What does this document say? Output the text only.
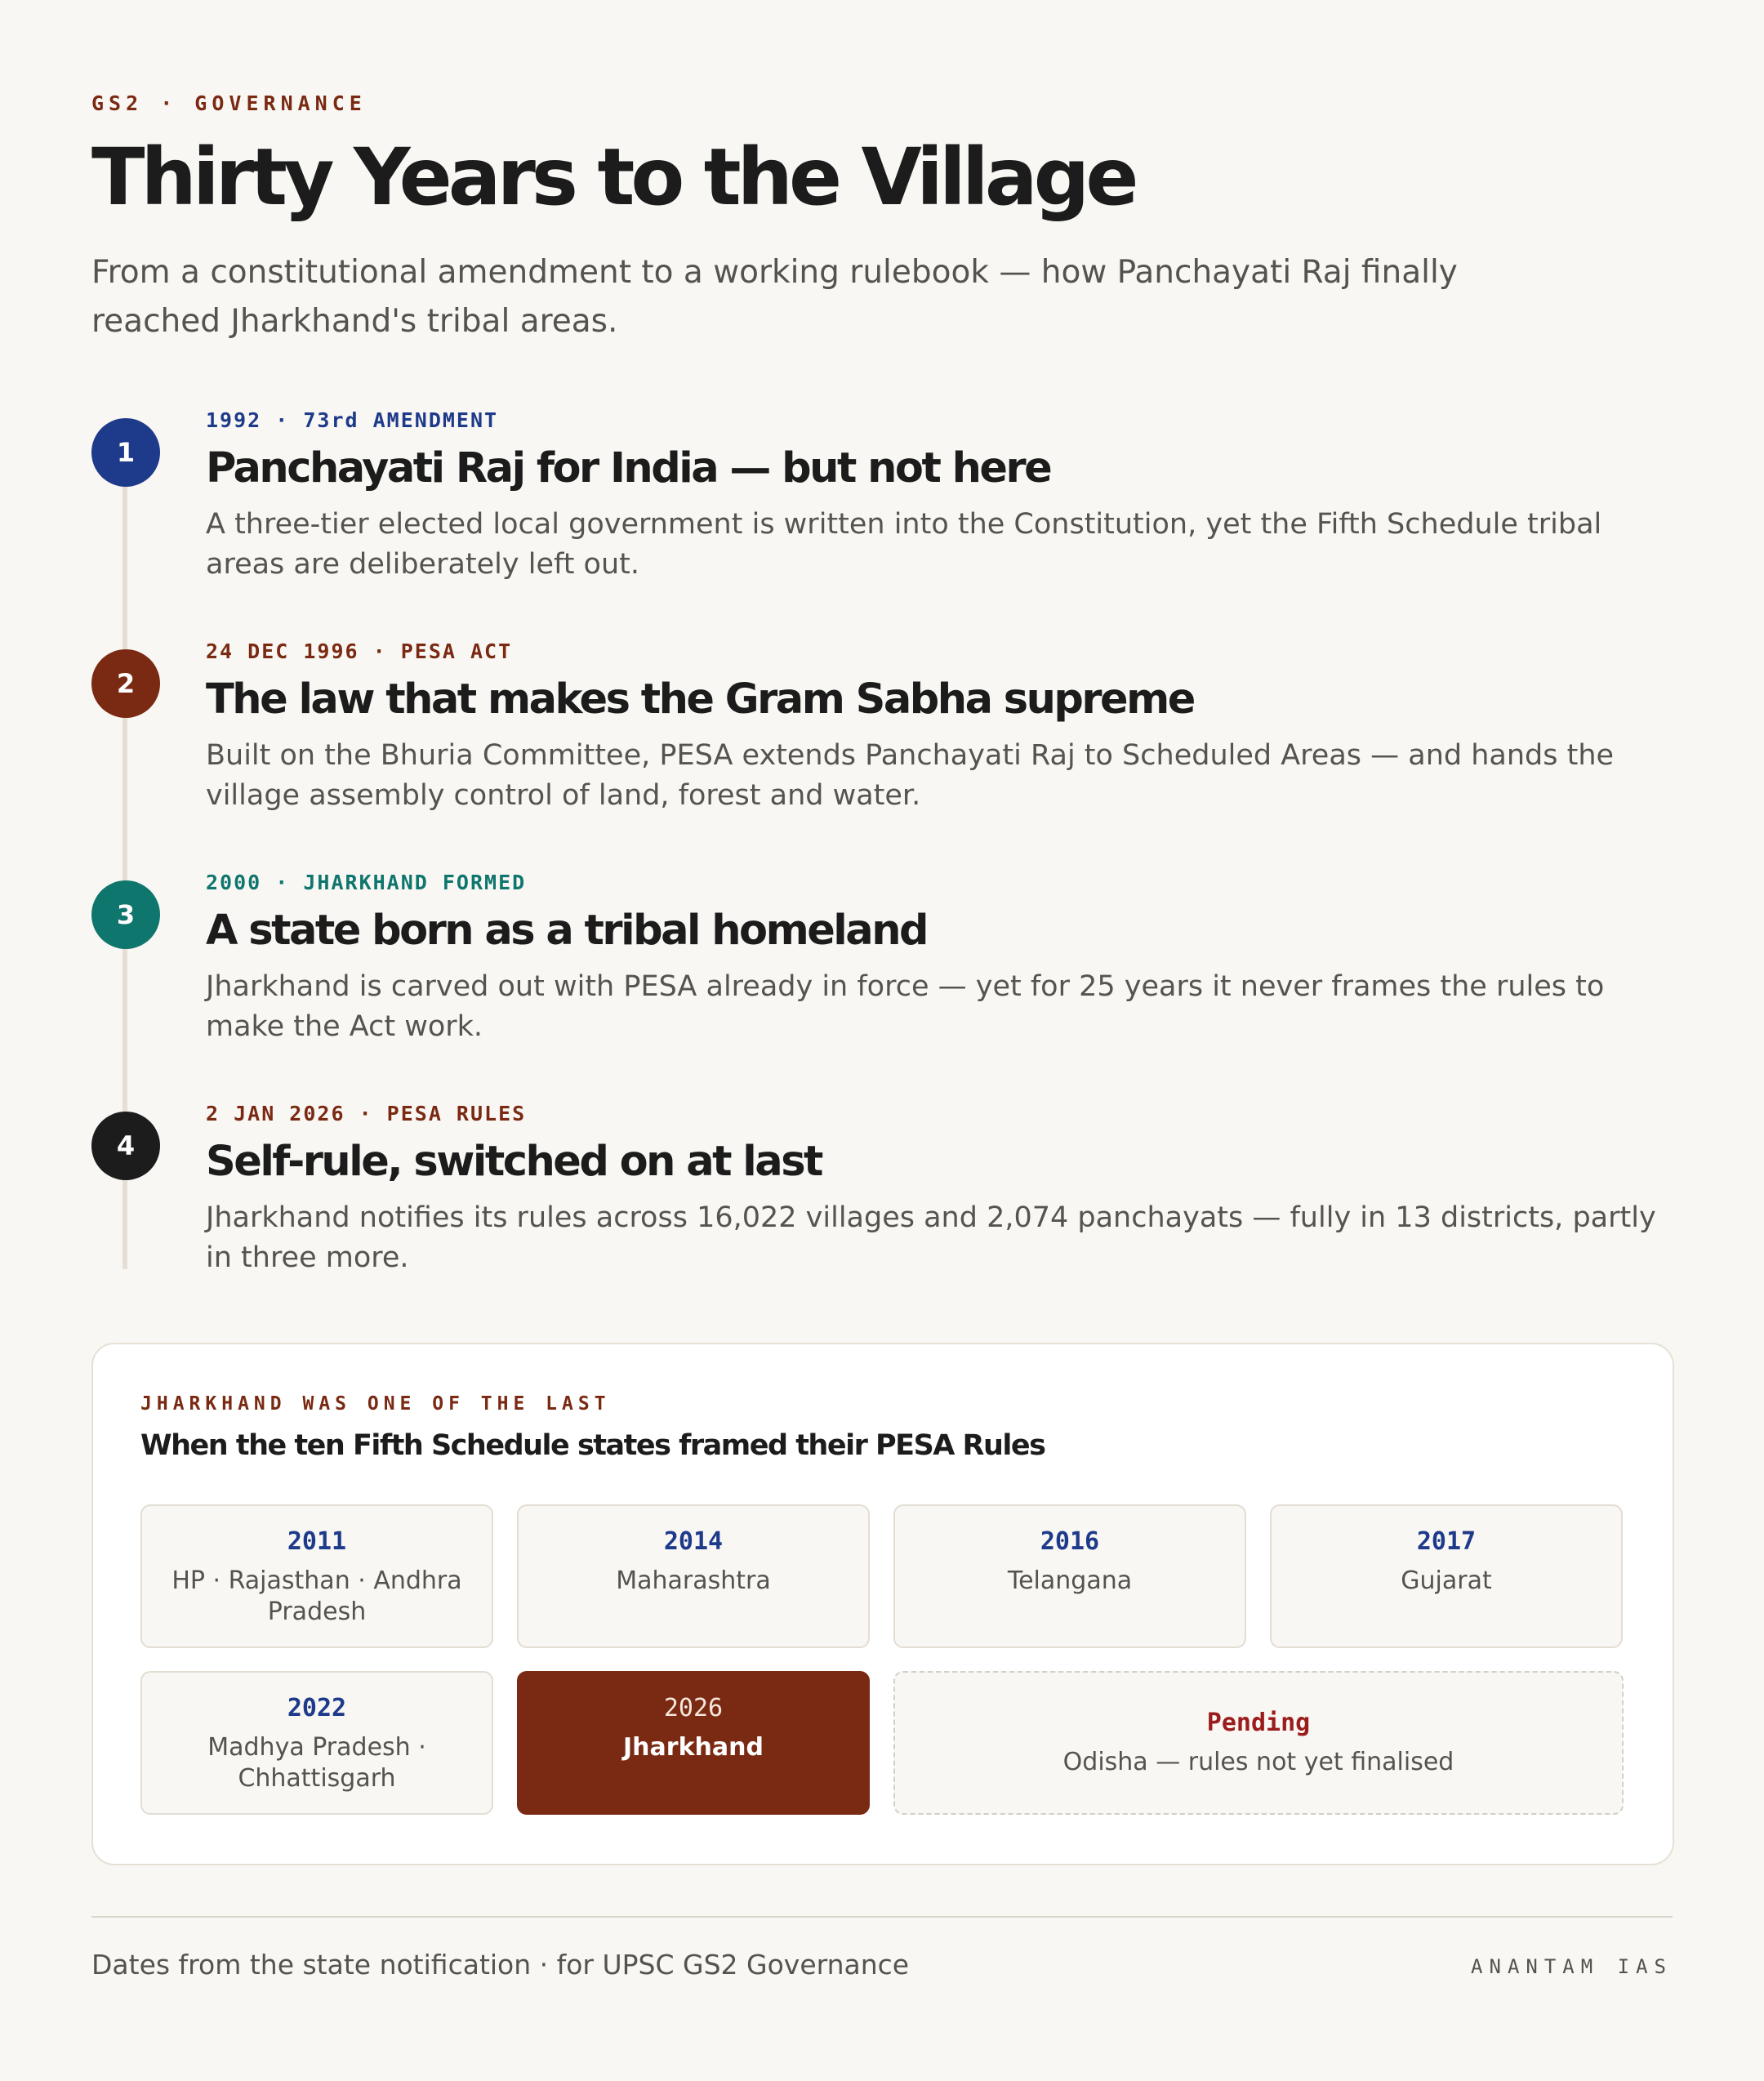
GS2 · GOVERNANCE
Thirty Years to the Village

From a constitutional amendment to a working rulebook — how Panchayati Raj finally reached Jharkhand's tribal areas.

1
1992 · 73rd AMENDMENT
Panchayati Raj for India — but not here

A three-tier elected local government is written into the Constitution, yet the Fifth Schedule tribal areas are deliberately left out.

2
24 DEC 1996 · PESA ACT
The law that makes the Gram Sabha supreme

Built on the Bhuria Committee, PESA extends Panchayati Raj to Scheduled Areas — and hands the village assembly control of land, forest and water.

3
2000 · JHARKHAND FORMED
A state born as a tribal homeland

Jharkhand is carved out with PESA already in force — yet for 25 years it never frames the rules to make the Act work.

4
2 JAN 2026 · PESA RULES
Self-rule, switched on at last

Jharkhand notifies its rules across 16,022 villages and 2,074 panchayats — fully in 13 districts, partly in three more.

JHARKHAND WAS ONE OF THE LAST
When the ten Fifth Schedule states framed their PESA Rules
2011
HP · Rajasthan · Andhra Pradesh
2014
Maharashtra
2016
Telangana
2017
Gujarat
2022
Madhya Pradesh · Chhattisgarh
2026
Jharkhand
Pending
Odisha — rules not yet finalised
Dates from the state notification · for UPSC GS2 Governance	ANANTAM IAS
